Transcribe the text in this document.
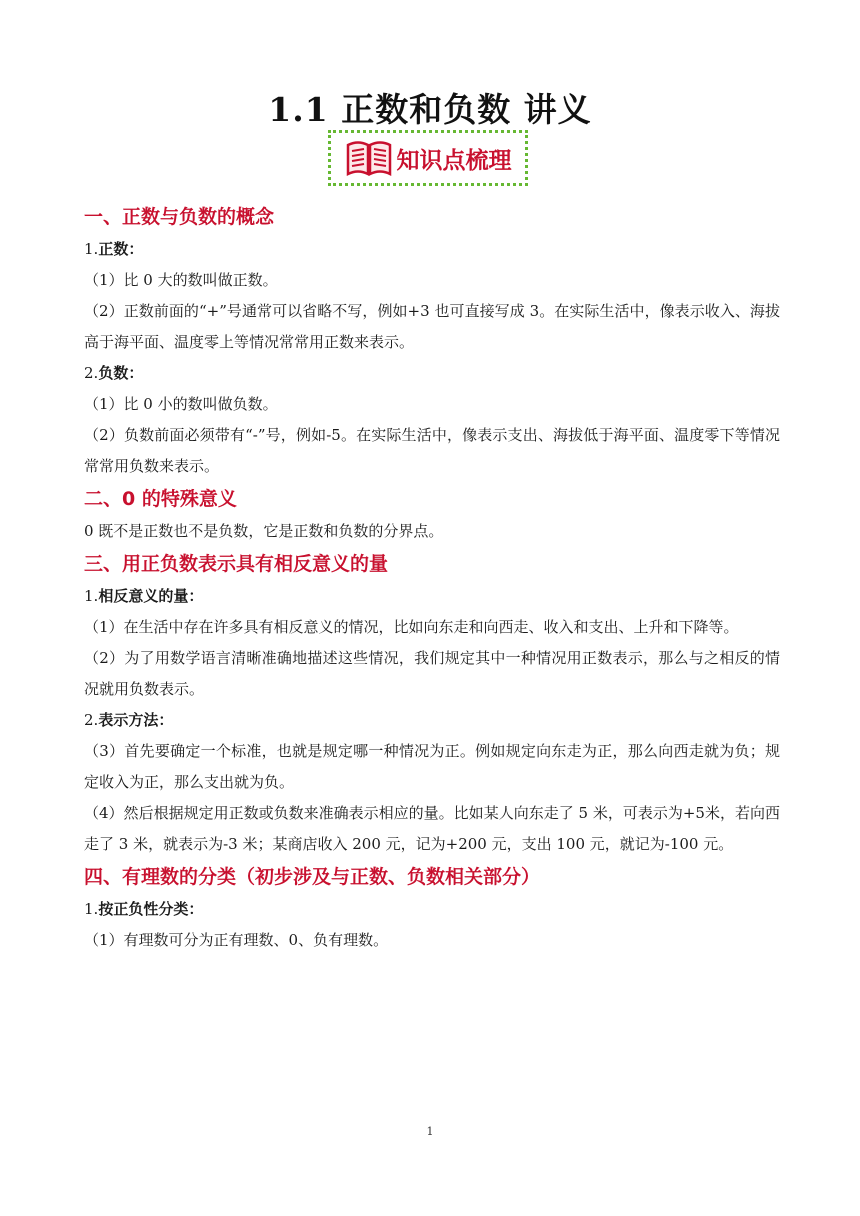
1.1 正数和负数 讲义
知识点梳理
一、正数与负数的概念

1.正数：

（1）比 0 大的数叫做正数。

（2）正数前面的“+”号通常可以省略不写，例如+3 也可直接写成 3。在实际生活中，像表示收入、海拔高于海平面、温度零上等情况常常用正数来表示。

2.负数：

（1）比 0 小的数叫做负数。

（2）负数前面必须带有“-”号，例如-5。在实际生活中，像表示支出、海拔低于海平面、温度零下等情况常常用负数来表示。

二、0 的特殊意义

0 既不是正数也不是负数，它是正数和负数的分界点。

三、用正负数表示具有相反意义的量

1.相反意义的量：

（1）在生活中存在许多具有相反意义的情况，比如向东走和向西走、收入和支出、上升和下降等。

（2）为了用数学语言清晰准确地描述这些情况，我们规定其中一种情况用正数表示，那么与之相反的情况就用负数表示。

2.表示方法：

（3）首先要确定一个标准，也就是规定哪一种情况为正。例如规定向东走为正，那么向西走就为负；规定收入为正，那么支出就为负。

（4）然后根据规定用正数或负数来准确表示相应的量。比如某人向东走了 5 米，可表示为+5米，若向西走了 3 米，就表示为-3 米；某商店收入 200 元，记为+200 元，支出 100 元，就记为-100 元。

四、有理数的分类（初步涉及与正数、负数相关部分）

1.按正负性分类：

（1）有理数可分为正有理数、0、负有理数。

1
